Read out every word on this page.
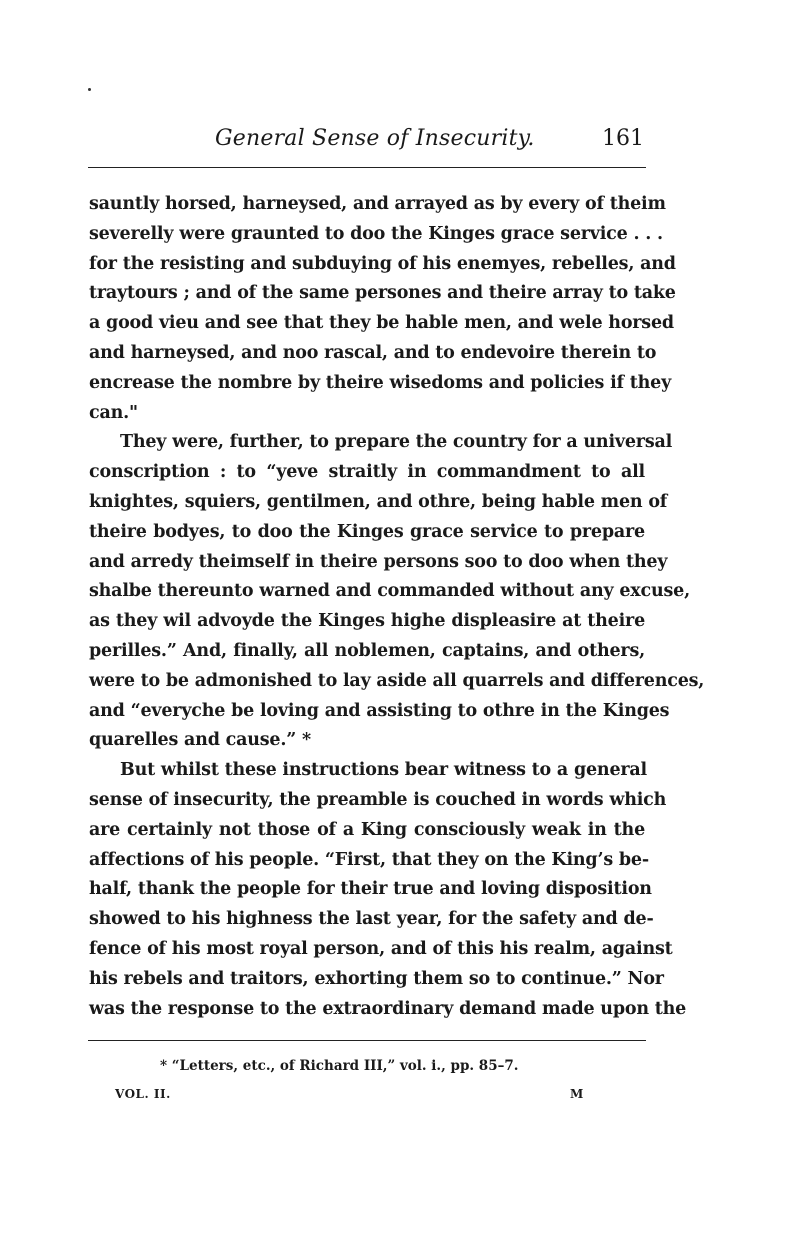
General Sense of Insecurity.	161
sauntly horsed, harneysed, and arrayed as by every of theim
severelly were graunted to doo the Kinges grace service . . .
for the resisting and subduying of his enemyes, rebelles, and
traytours ; and of the same persones and theire array to take
a good vieu and see that they be hable men, and wele horsed
and harneysed, and noo rascal, and to endevoire therein to
encrease the nombre by theire wisedoms and policies if they
can."
They were, further, to prepare the country for a universal
conscription : to “yeve straitly in commandment to all
knightes, squiers, gentilmen, and othre, being hable men of
theire bodyes, to doo the Kinges grace service to prepare
and arredy theimself in theire persons soo to doo when they
shalbe thereunto warned and commanded without any excuse,
as they wil advoyde the Kinges highe displeasire at theire
perilles.” And, finally, all noblemen, captains, and others,
were to be admonished to lay aside all quarrels and differences,
and “everyche be loving and assisting to othre in the Kinges
quarelles and cause.” *
But whilst these instructions bear witness to a general
sense of insecurity, the preamble is couched in words which
are certainly not those of a King consciously weak in the
affections of his people. “First, that they on the King’s be-
half, thank the people for their true and loving disposition
showed to his highness the last year, for the safety and de-
fence of his most royal person, and of this his realm, against
his rebels and traitors, exhorting them so to continue.” Nor
was the response to the extraordinary demand made upon the
* “Letters, etc., of Richard III,” vol. i., pp. 85–7.
VOL. II.	M
